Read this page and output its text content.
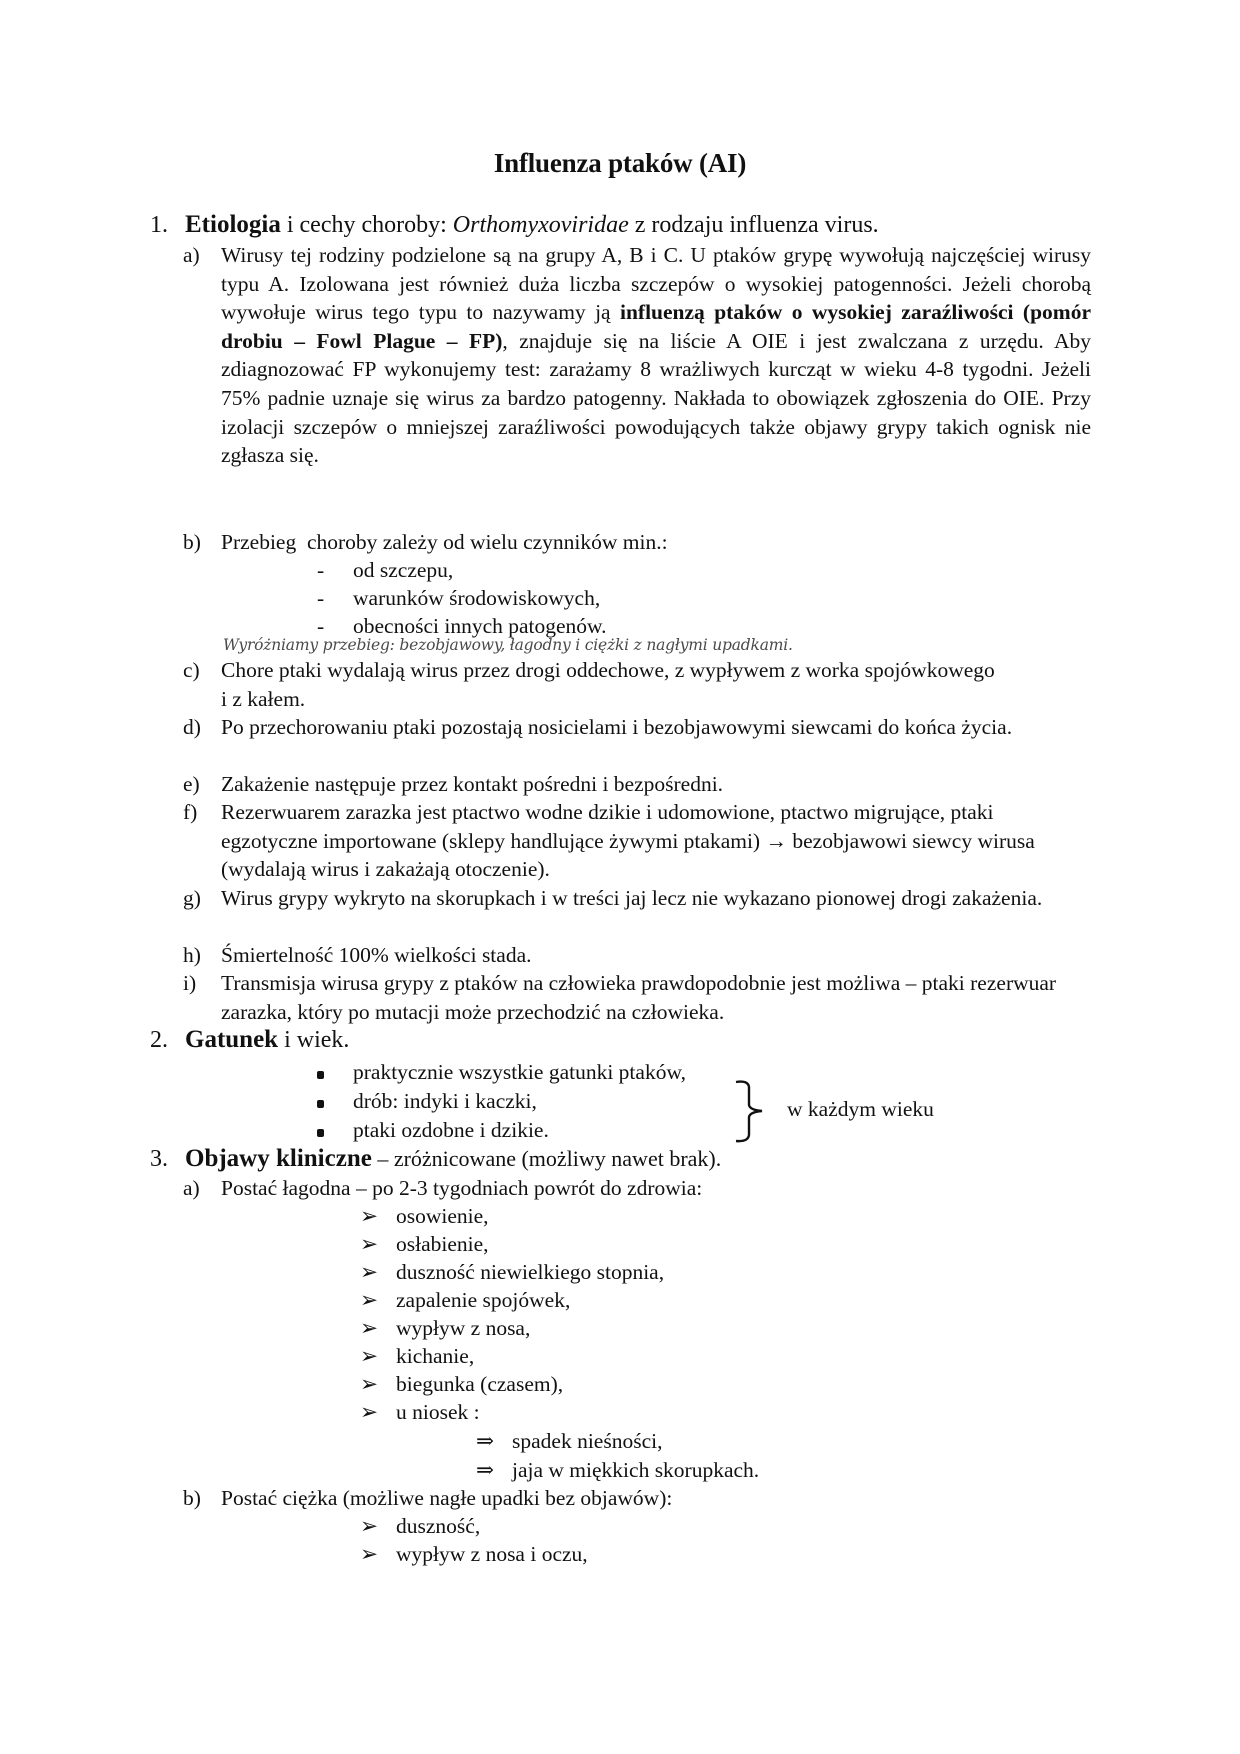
Influenza ptaków (AI)
1. Etiologia i cechy choroby: Orthomyxoviridae z rodzaju influenza virus.
a) Wirusy tej rodziny podzielone są na grupy A, B i C. U ptaków grypę wywołują najczęściej wirusy typu A. Izolowana jest również duża liczba szczepów o wysokiej patogenności. Jeżeli chorobą wywołuje wirus tego typu to nazywamy ją influenzą ptaków o wysokiej zaraźliwości (pomór drobiu – Fowl Plague – FP), znajduje się na liście A OIE i jest zwalczana z urzędu. Aby zdiagnozować FP wykonujemy test: zarażamy 8 wrażliwych kurcząt w wieku 4-8 tygodni. Jeżeli 75% padnie uznaje się wirus za bardzo patogenny. Nakłada to obowiązek zgłoszenia do OIE. Przy izolacji szczepów o mniejszej zaraźliwości powodujących także objawy grypy takich ognisk nie zgłasza się.
b) Przebieg  choroby zależy od wielu czynników min.:
- od szczepu,
- warunków środowiskowych,
- obecności innych patogenów.
Wyróżniamy przebieg: bezobjawowy, łagodny i ciężki z nagłymi upadkami.
c) Chore ptaki wydalają wirus przez drogi oddechowe, z wypływem z worka spojówkowego i z kałem.
d) Po przechorowaniu ptaki pozostają nosicielami i bezobjawowymi siewcami do końca życia.
e) Zakażenie następuje przez kontakt pośredni i bezpośredni.
f) Rezerwuarem zarazka jest ptactwo wodne dzikie i udomowione, ptactwo migrujące, ptaki egzotyczne importowane (sklepy handlujące żywymi ptakami) → bezobjawowi siewcy wirusa (wydalają wirus i zakażają otoczenie).
g) Wirus grypy wykryto na skorupkach i w treści jaj lecz nie wykazano pionowej drogi zakażenia.
h) Śmiertelność 100% wielkości stada.
i) Transmisja wirusa grypy z ptaków na człowieka prawdopodobnie jest możliwa – ptaki rezerwuar zarazka, który po mutacji może przechodzić na człowieka.
2. Gatunek i wiek.
praktycznie wszystkie gatunki ptaków,
drób: indyki i kaczki,
ptaki ozdobne i dzikie.
w każdym wieku
3. Objawy kliniczne – zróżnicowane (możliwy nawet brak).
a) Postać łagodna – po 2-3 tygodniach powrót do zdrowia:
➢ osowienie,
➢ osłabienie,
➢ duszność niewielkiego stopnia,
➢ zapalenie spojówek,
➢ wypływ z nosa,
➢ kichanie,
➢ biegunka (czasem),
➢ u niosek :
⇒ spadek nieśności,
⇒ jaja w miękkich skorupkach.
b) Postać ciężka (możliwe nagłe upadki bez objawów):
➢ duszność,
➢ wypływ z nosa i oczu,
